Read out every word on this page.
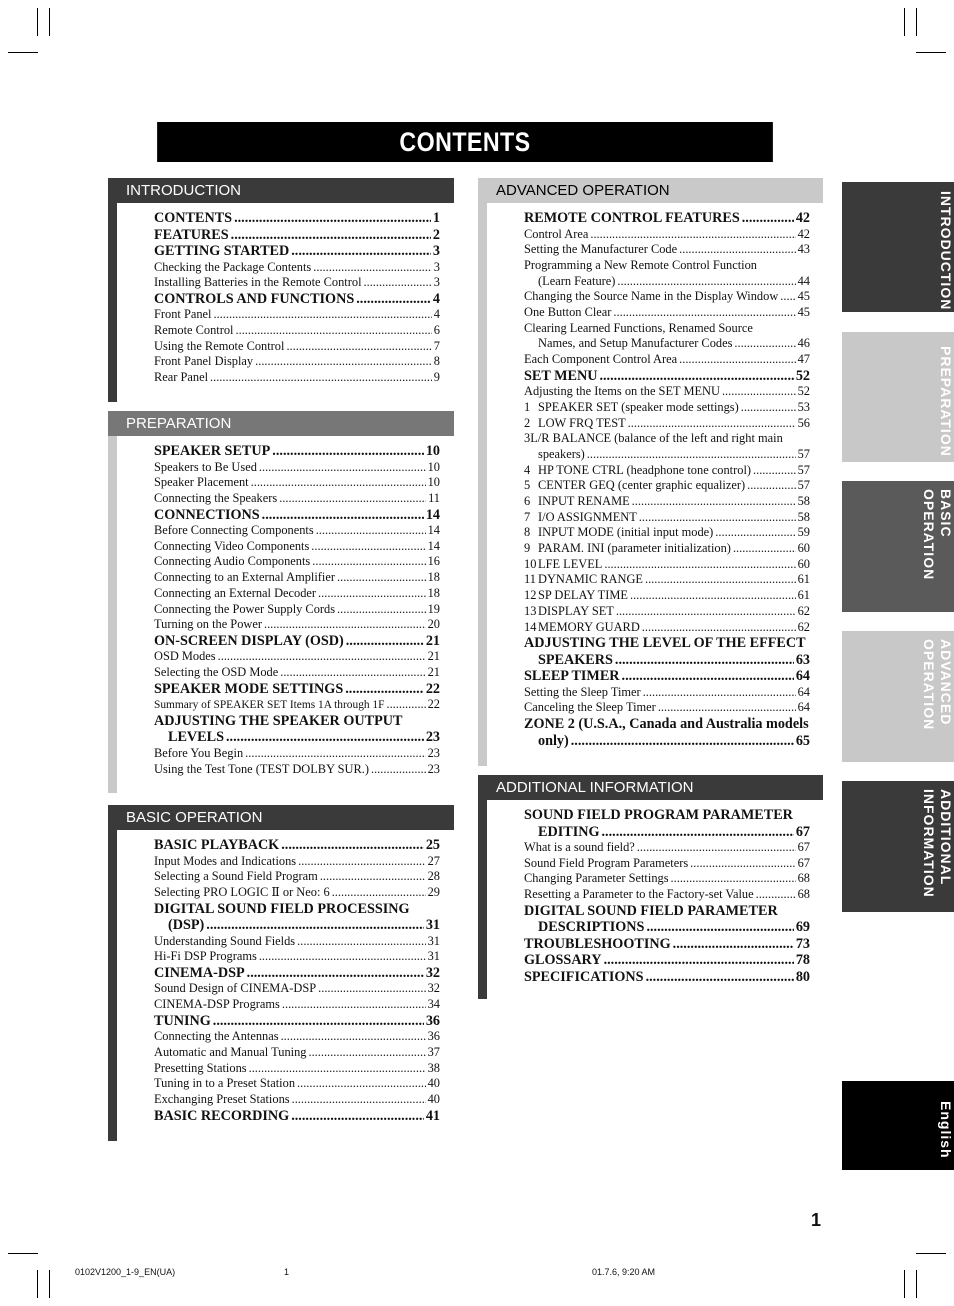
CONTENTS
INTRODUCTION
CONTENTS .....	1
FEATURES .....	2
GETTING STARTED .....	3
Checking the Package Contents .....	3
Installing Batteries in the Remote Control .....	3
CONTROLS AND FUNCTIONS .....	4
Front Panel .....	4
Remote Control .....	6
Using the Remote Control .....	7
Front Panel Display .....	8
Rear Panel .....	9
PREPARATION
SPEAKER SETUP .....	10
Speakers to Be Used .....	10
Speaker Placement .....	10
Connecting the Speakers .....	11
CONNECTIONS .....	14
Before Connecting Components .....	14
Connecting Video Components .....	14
Connecting Audio Components .....	16
Connecting to an External Amplifier .....	18
Connecting an External Decoder .....	18
Connecting the Power Supply Cords .....	19
Turning on the Power .....	20
ON-SCREEN DISPLAY (OSD) .....	21
OSD Modes .....	21
Selecting the OSD Mode .....	21
SPEAKER MODE SETTINGS .....	22
Summary of SPEAKER SET Items 1A through 1F .....	22
ADJUSTING THE SPEAKER OUTPUT
LEVELS .....	23
Before You Begin .....	23
Using the Test Tone (TEST DOLBY SUR.) .....	23
BASIC OPERATION
BASIC PLAYBACK .....	25
Input Modes and Indications .....	27
Selecting a Sound Field Program .....	28
Selecting PRO LOGIC Ⅱ or Neo: 6 .....	29
DIGITAL SOUND FIELD PROCESSING
(DSP) .....	31
Understanding Sound Fields .....	31
Hi-Fi DSP Programs .....	31
CINEMA-DSP .....	32
Sound Design of CINEMA-DSP .....	32
CINEMA-DSP Programs .....	34
TUNING .....	36
Connecting the Antennas .....	36
Automatic and Manual Tuning .....	37
Presetting Stations .....	38
Tuning in to a Preset Station .....	40
Exchanging Preset Stations .....	40
BASIC RECORDING .....	41
ADVANCED OPERATION
REMOTE CONTROL FEATURES .....	42
Control Area .....	42
Setting the Manufacturer Code .....	43
Programming a New Remote Control Function
(Learn Feature) .....	44
Changing the Source Name in the Display Window ..... 45
One Button Clear .....	45
Clearing Learned Functions, Renamed Source
Names, and Setup Manufacturer Codes .....	46
Each Component Control Area .....	47
SET MENU .....	52
Adjusting the Items on the SET MENU .....	52
1 SPEAKER SET (speaker mode settings) .....	53
2 LOW FRQ TEST .....	56
3L/R BALANCE (balance of the left and right main
speakers) .....	57
4 HP TONE CTRL (headphone tone control) .....	57
5 CENTER GEQ (center graphic equalizer) .....	57
6 INPUT RENAME .....	58
7 I/O ASSIGNMENT .....	58
8 INPUT MODE (initial input mode) .....	59
9 PARAM. INI (parameter initialization) .....	60
10 LFE LEVEL .....	60
11 DYNAMIC RANGE .....	61
12 SP DELAY TIME .....	61
13 DISPLAY SET .....	62
14 MEMORY GUARD .....	62
ADJUSTING THE LEVEL OF THE EFFECT
SPEAKERS .....	63
SLEEP TIMER .....	64
Setting the Sleep Timer .....	64
Canceling the Sleep Timer .....	64
ZONE 2 (U.S.A., Canada and Australia models
only) .....	65
ADDITIONAL INFORMATION
SOUND FIELD PROGRAM PARAMETER
EDITING .....	67
What is a sound field? .....	67
Sound Field Program Parameters .....	67
Changing Parameter Settings .....	68
Resetting a Parameter to the Factory-set Value .....	68
DIGITAL SOUND FIELD PARAMETER
DESCRIPTIONS .....	69
TROUBLESHOOTING .....	73
GLOSSARY .....	78
SPECIFICATIONS .....	80
INTRODUCTION
PREPARATION
BASIC OPERATION
ADVANCED OPERATION
ADDITIONAL INFORMATION
English
1
0102V1200_1-9_EN(UA)	1	01.7.6, 9:20 AM
